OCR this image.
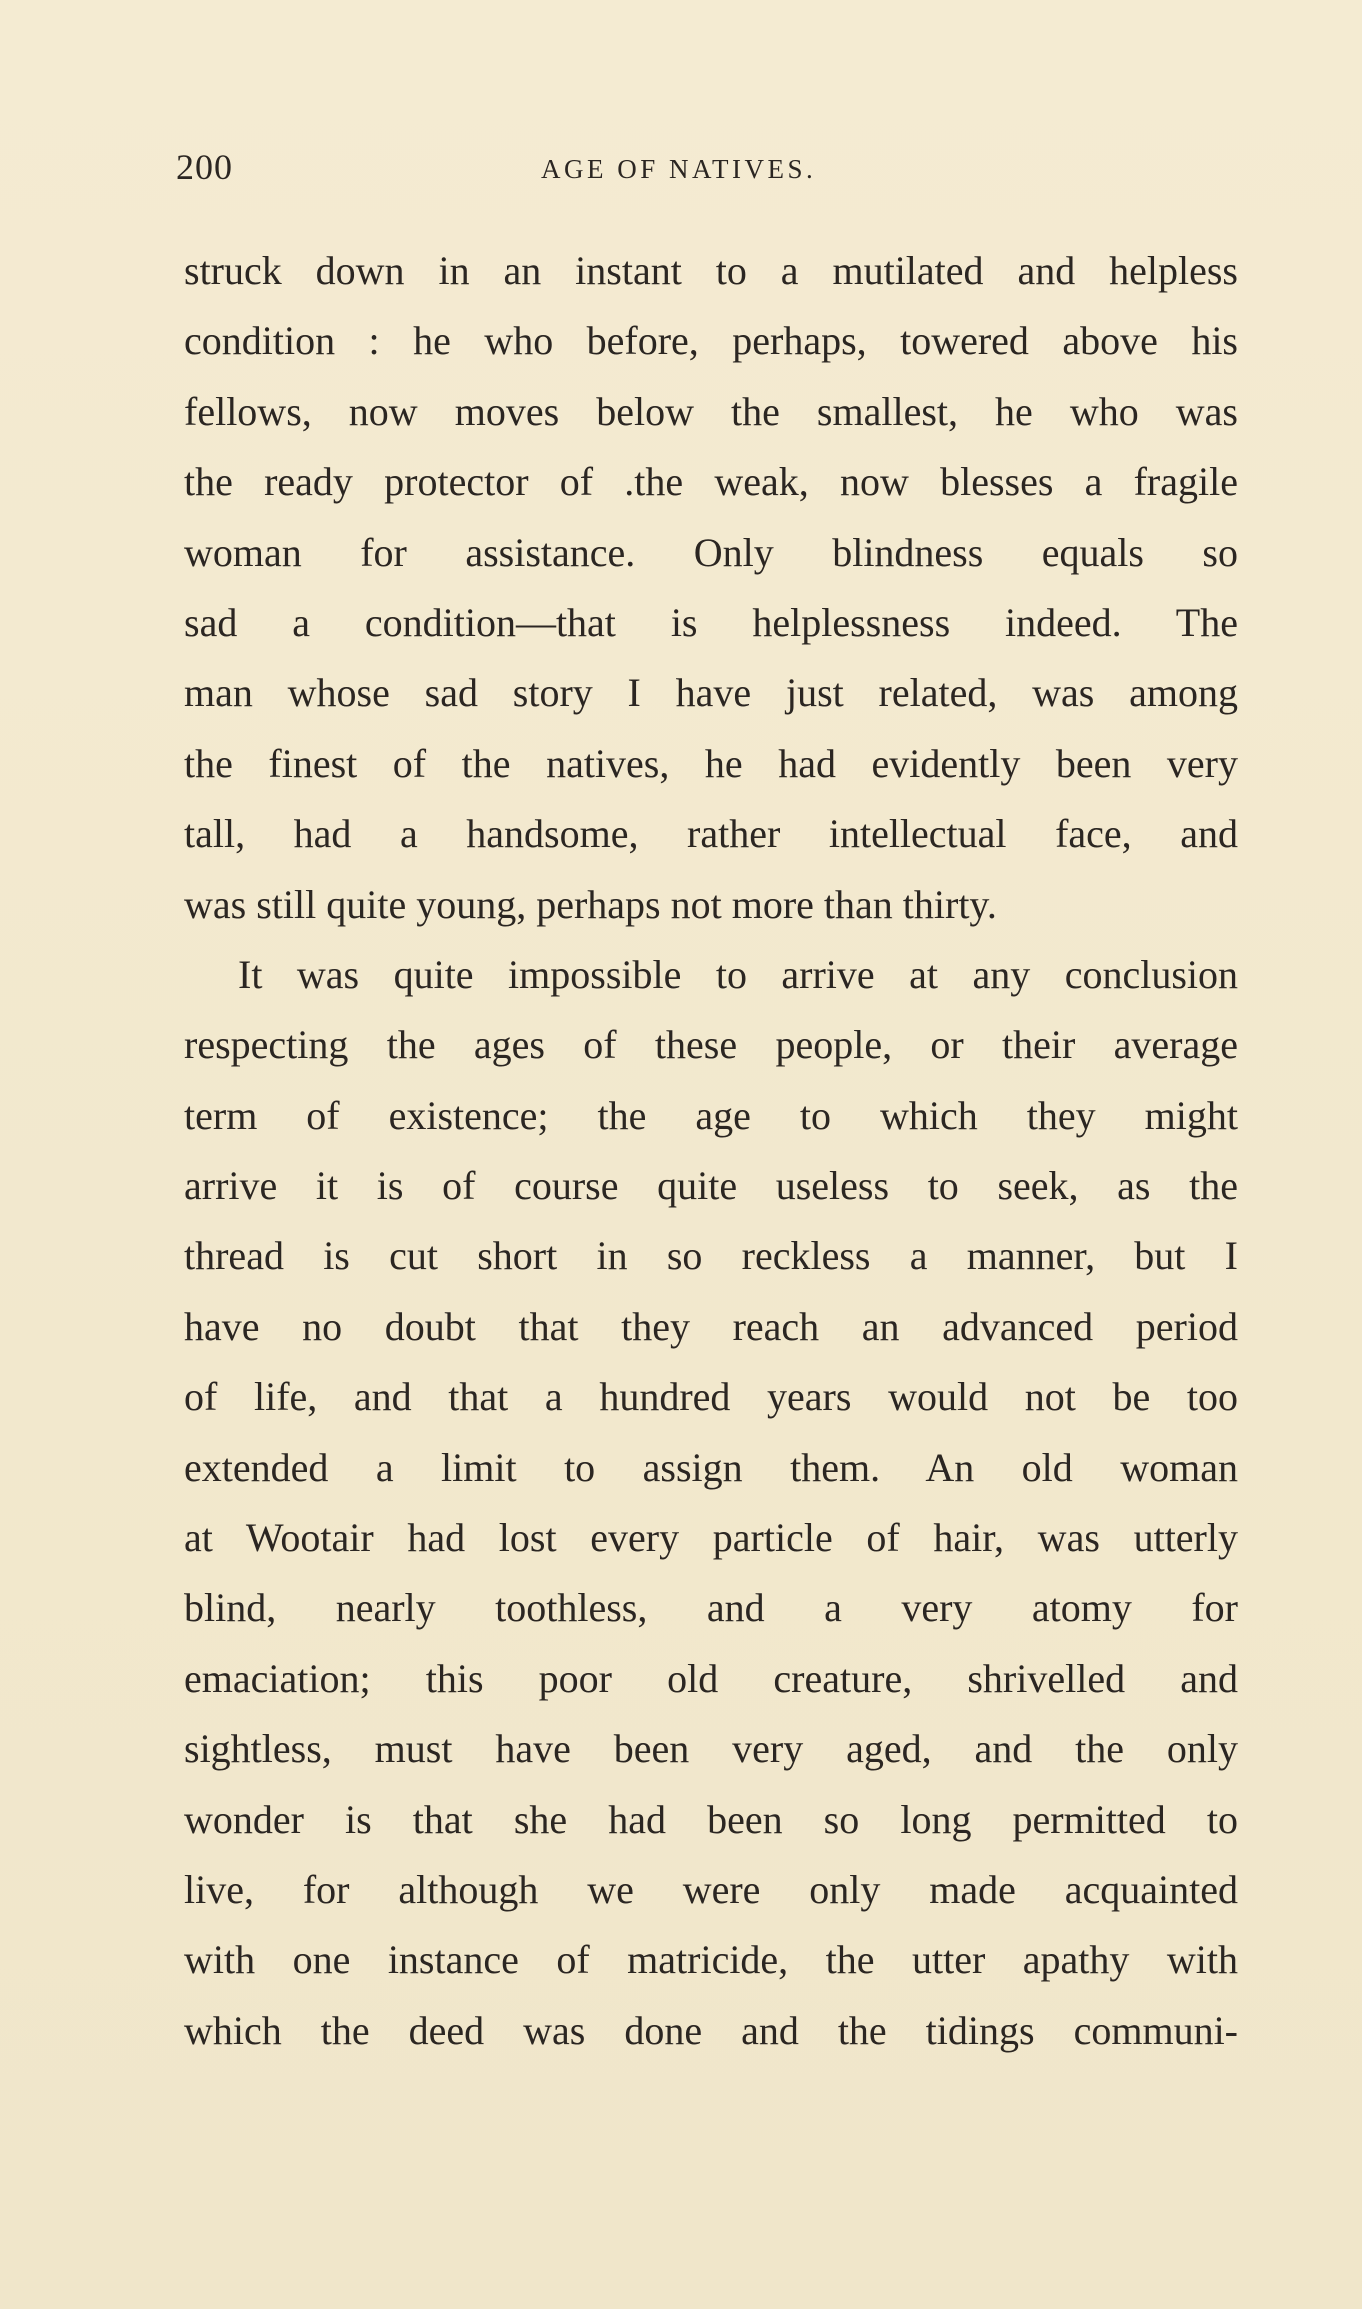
200	AGE OF NATIVES.
struck down in an instant to a mutilated and helpless
condition : he who before, perhaps, towered above his
fellows, now moves below the smallest, he who was
the ready protector of .the weak, now blesses a fragile
woman for assistance. Only blindness equals so
sad a condition—that is helplessness indeed. The
man whose sad story I have just related, was among
the finest of the natives, he had evidently been very
tall, had a handsome, rather intellectual face, and
was still quite young, perhaps not more than thirty.
It was quite impossible to arrive at any conclusion
respecting the ages of these people, or their average
term of existence; the age to which they might
arrive it is of course quite useless to seek, as the
thread is cut short in so reckless a manner, but I
have no doubt that they reach an advanced period
of life, and that a hundred years would not be too
extended a limit to assign them. An old woman
at Wootair had lost every particle of hair, was utterly
blind, nearly toothless, and a very atomy for
emaciation; this poor old creature, shrivelled and
sightless, must have been very aged, and the only
wonder is that she had been so long permitted to
live, for although we were only made acquainted
with one instance of matricide, the utter apathy with
which the deed was done and the tidings communi-
